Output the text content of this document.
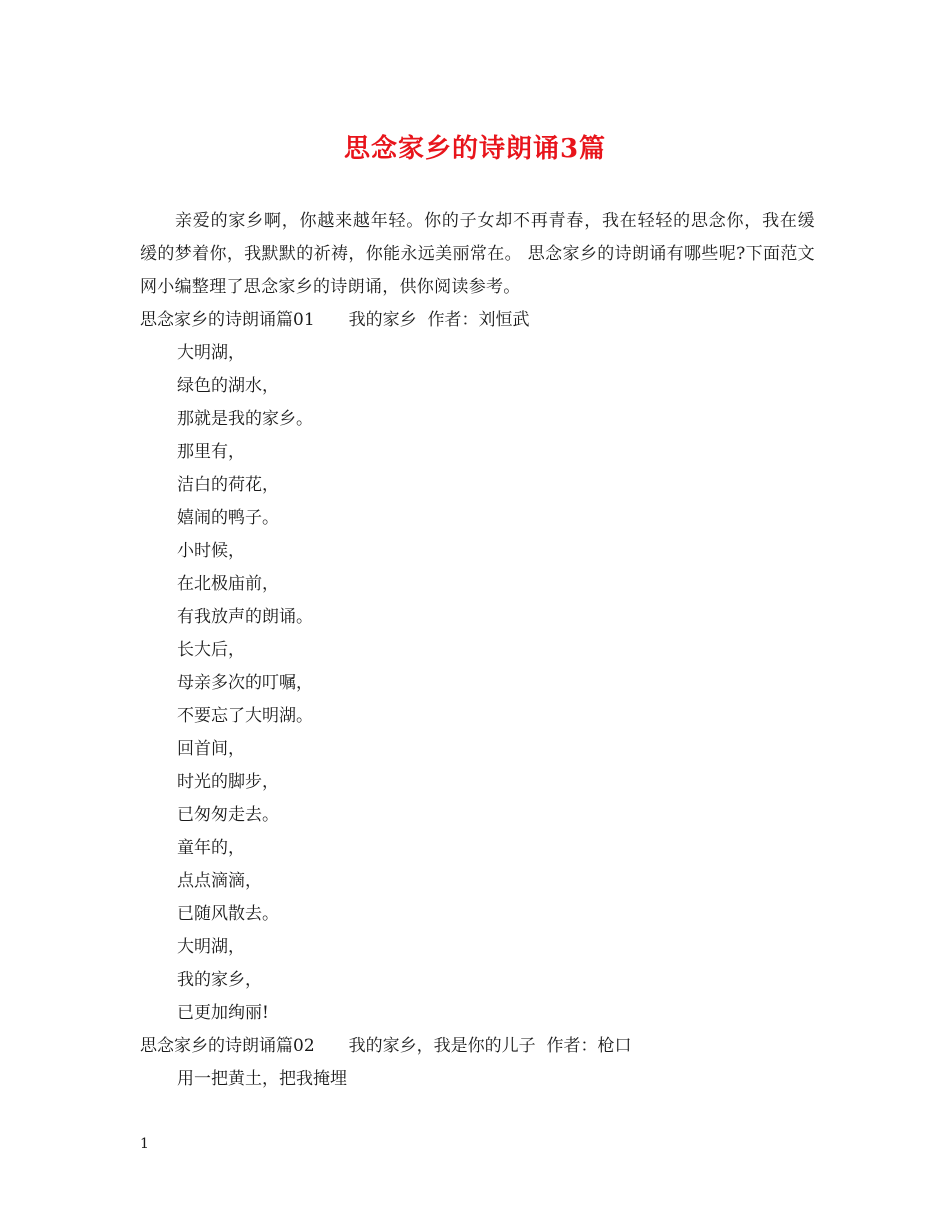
思念家乡的诗朗诵3篇

亲爱的家乡啊，你越来越年轻。你的子女却不再青春，我在轻轻的思念你，我在缓缓的梦着你，我默默的祈祷，你能永远美丽常在。 思念家乡的诗朗诵有哪些呢?下面范文网小编整理了思念家乡的诗朗诵，供你阅读参考。

思念家乡的诗朗诵篇01　　我的家乡  作者：刘恒武

大明湖，

绿色的湖水，

那就是我的家乡。

那里有，

洁白的荷花，

嬉闹的鸭子。

小时候，

在北极庙前，

有我放声的朗诵。

长大后，

母亲多次的叮嘱，

不要忘了大明湖。

回首间，

时光的脚步，

已匆匆走去。

童年的，

点点滴滴，

已随风散去。

大明湖，

我的家乡，

已更加绚丽!

思念家乡的诗朗诵篇02　　我的家乡，我是你的儿子  作者：枪口

用一把黄土，把我掩埋

1
